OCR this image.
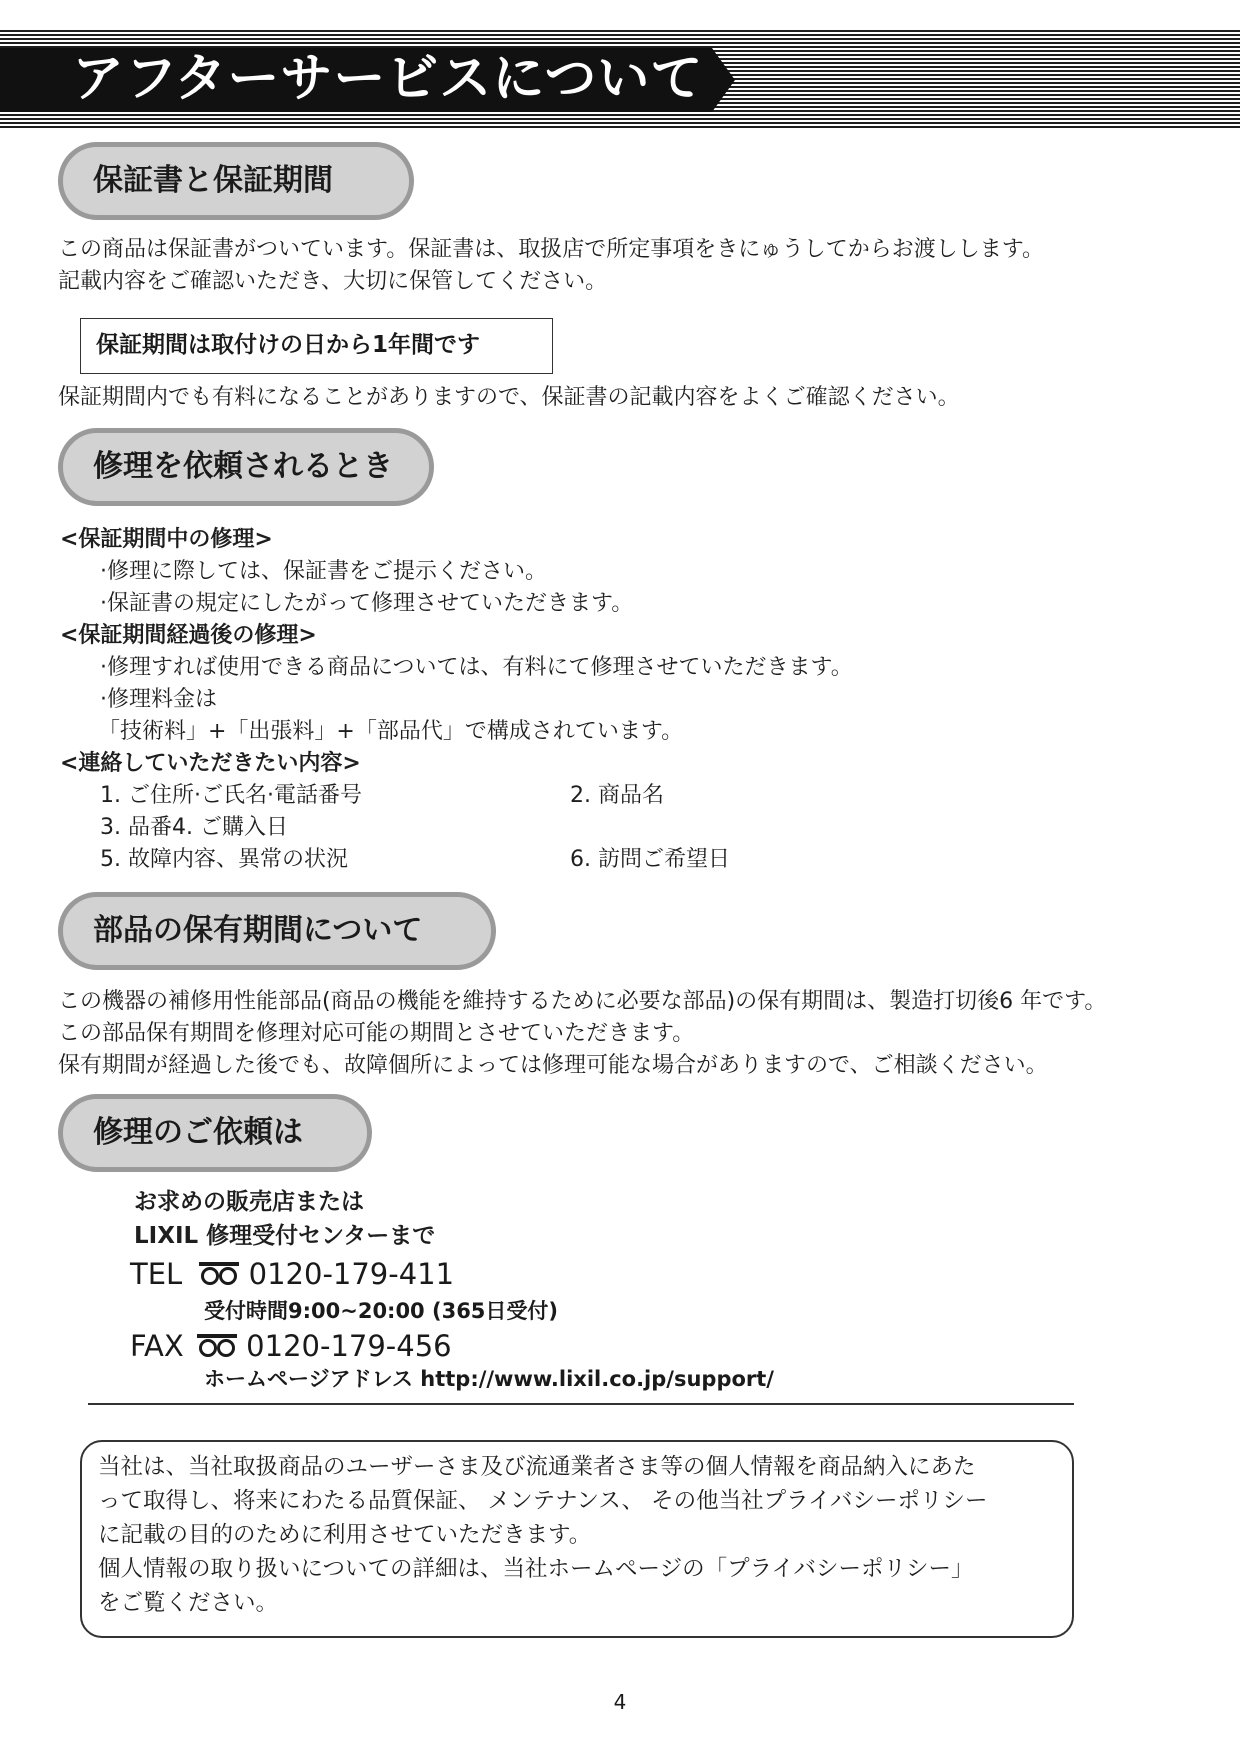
アフターサービスについて
保証書と保証期間
この商品は保証書がついています。保証書は、取扱店で所定事項をきにゅうしてからお渡しします。
記載内容をご確認いただき、大切に保管してください。
保証期間は取付けの日から1年間です
保証期間内でも有料になることがありますので、保証書の記載内容をよくご確認ください。
修理を依頼されるとき
<保証期間中の修理>
·修理に際しては、保証書をご提示ください。
·保証書の規定にしたがって修理させていただきます。
<保証期間経過後の修理>
·修理すれば使用できる商品については、有料にて修理させていただきます。
·修理料金は
「技術料」+「出張料」+「部品代」で構成されています。
<連絡していただきたい内容>
1. ご住所·ご氏名·電話番号	2. 商品名
3. 品番4. ご購入日
5. 故障内容、異常の状況	6. 訪問ご希望日
部品の保有期間について
この機器の補修用性能部品(商品の機能を維持するために必要な部品)の保有期間は、製造打切後6 年です。
この部品保有期間を修理対応可能の期間とさせていただきます。
保有期間が経過した後でも、故障個所によっては修理可能な場合がありますので、ご相談ください。
修理のご依頼は
お求めの販売店または
LIXIL 修理受付センターまで
TEL 0120-179-411
受付時間9:00~20:00 (365日受付)
FAX 0120-179-456
ホームページアドレス http://www.lixil.co.jp/support/
当社は、当社取扱商品のユーザーさま及び流通業者さま等の個人情報を商品納入にあた
って取得し、将来にわたる品質保証、 メンテナンス、 その他当社プライバシーポリシー
に記載の目的のために利用させていただきます。
個人情報の取り扱いについての詳細は、当社ホームページの「プライバシーポリシー」
をご覧ください。
4
